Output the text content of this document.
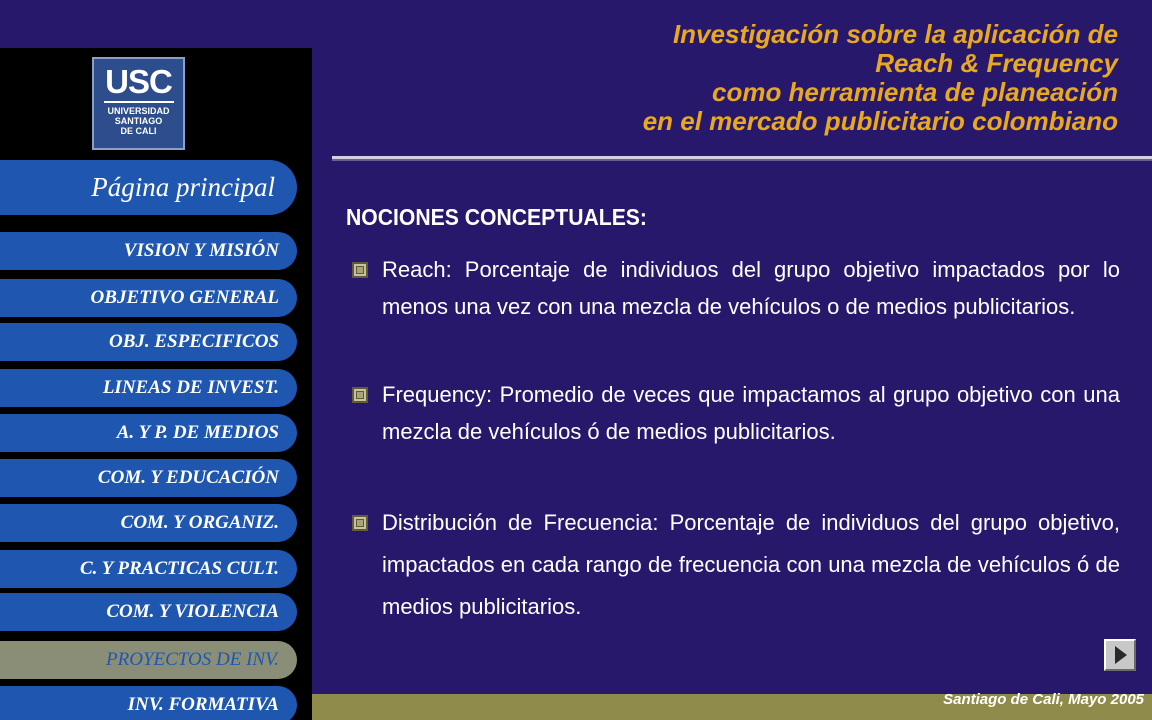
USC
UNIVERSIDAD
SANTIAGO
DE CALI
Página principal
VISION Y MISIÓN
OBJETIVO GENERAL
OBJ. ESPECIFICOS
LINEAS DE INVEST.
A. Y P. DE MEDIOS
COM. Y EDUCACIÓN
COM. Y ORGANIZ.
C. Y PRACTICAS CULT.
COM. Y VIOLENCIA
PROYECTOS DE INV.
INV. FORMATIVA
Investigación sobre la aplicación de
Reach & Frequency
como herramienta de planeación
en el mercado publicitario colombiano
NOCIONES CONCEPTUALES:
Reach: Porcentaje de individuos del grupo objetivo impactados por lo menos una vez con una mezcla de vehículos o de medios publicitarios.
Frequency: Promedio de veces que impactamos al grupo objetivo con una mezcla de vehículos ó de medios publicitarios.
Distribución de Frecuencia: Porcentaje de individuos del grupo objetivo, impactados en cada rango de frecuencia con una mezcla de vehículos ó de medios publicitarios.
Santiago de Cali, Mayo 2005
